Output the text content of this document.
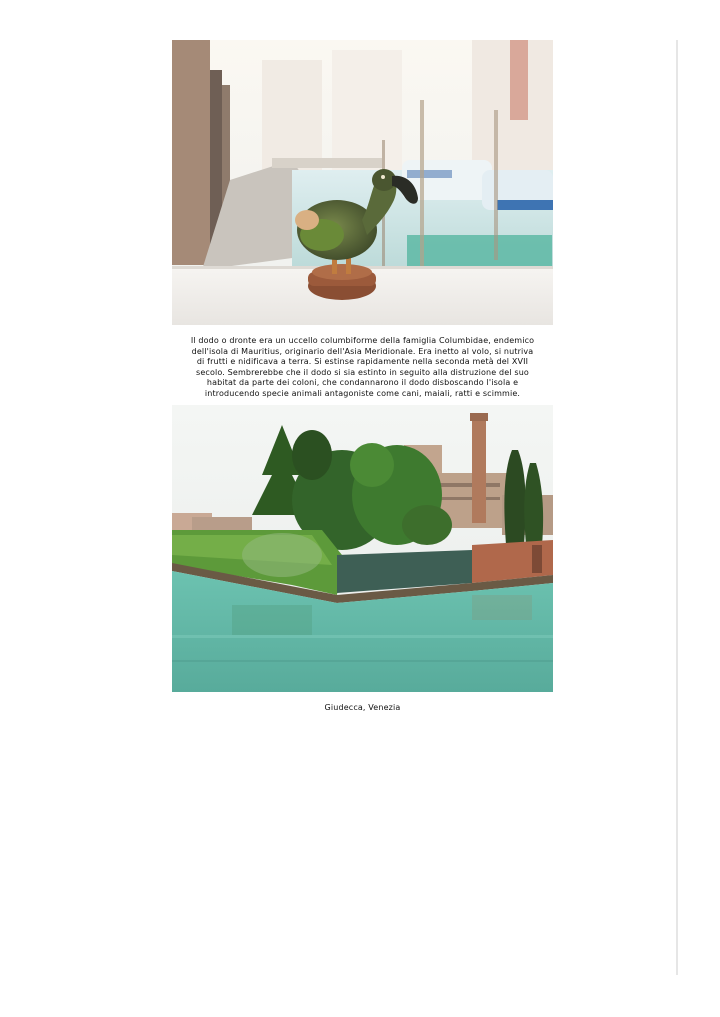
Il dodo o dronte era un uccello columbiforme della famiglia Columbidae, endemico
dell'isola di Mauritius, originario dell'Asia Meridionale. Era inetto al volo, si nutriva
di frutti e nidificava a terra. Si estinse rapidamente nella seconda metà del XVII
secolo. Sembrerebbe che il dodo si sia estinto in seguito alla distruzione del suo
habitat da parte dei coloni, che condannarono il dodo disboscando l'isola e
introducendo specie animali antagoniste come cani, maiali, ratti e scimmie.

Giudecca, Venezia
